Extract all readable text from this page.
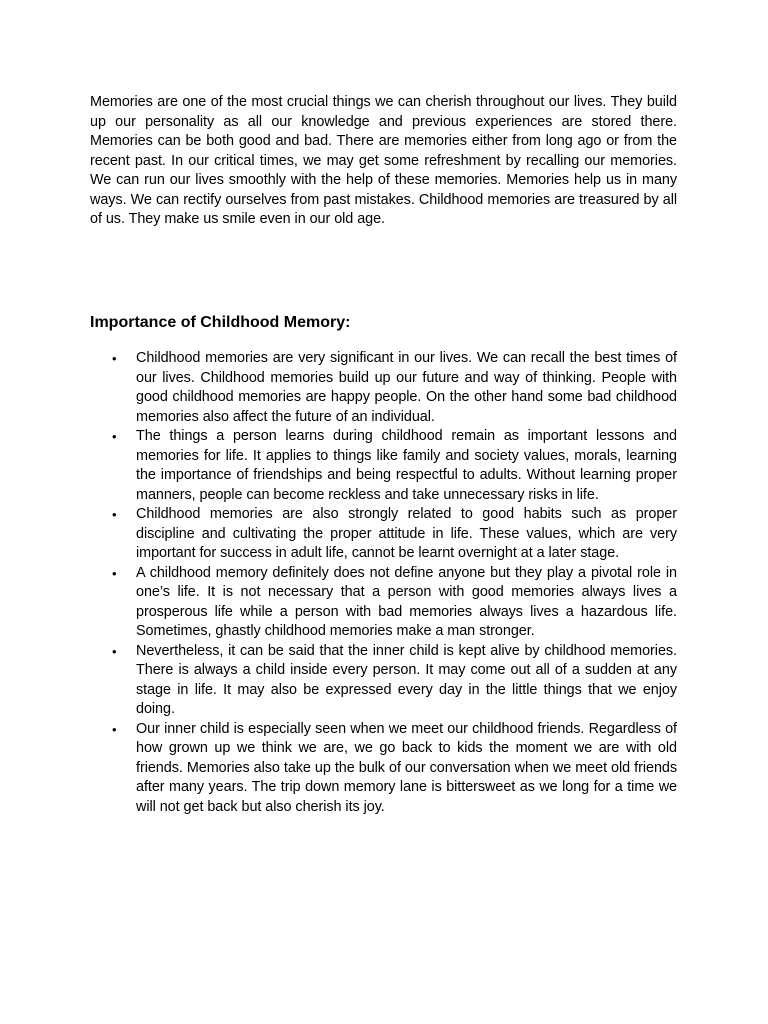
Memories are one of the most crucial things we can cherish throughout our lives. They build up our personality as all our knowledge and previous experiences are stored there. Memories can be both good and bad. There are memories either from long ago or from the recent past. In our critical times, we may get some refreshment by recalling our memories. We can run our lives smoothly with the help of these memories. Memories help us in many ways. We can rectify ourselves from past mistakes. Childhood memories are treasured by all of us. They make us smile even in our old age.

Importance of Childhood Memory:
•	Childhood memories are very significant in our lives. We can recall the best times of our lives. Childhood memories build up our future and way of thinking. People with good childhood memories are happy people. On the other hand some bad childhood memories also affect the future of an individual.
•	The things a person learns during childhood remain as important lessons and memories for life. It applies to things like family and society values, morals, learning the importance of friendships and being respectful to adults. Without learning proper manners, people can become reckless and take unnecessary risks in life.
•	Childhood memories are also strongly related to good habits such as proper discipline and cultivating the proper attitude in life. These values, which are very important for success in adult life, cannot be learnt overnight at a later stage.
•	A childhood memory definitely does not define anyone but they play a pivotal role in one’s life. It is not necessary that a person with good memories always lives a prosperous life while a person with bad memories always lives a hazardous life. Sometimes, ghastly childhood memories make a man stronger.
•	Nevertheless, it can be said that the inner child is kept alive by childhood memories. There is always a child inside every person. It may come out all of a sudden at any stage in life. It may also be expressed every day in the little things that we enjoy doing.
•	Our inner child is especially seen when we meet our childhood friends. Regardless of how grown up we think we are, we go back to kids the moment we are with old friends. Memories also take up the bulk of our conversation when we meet old friends after many years. The trip down memory lane is bittersweet as we long for a time we will not get back but also cherish its joy.
